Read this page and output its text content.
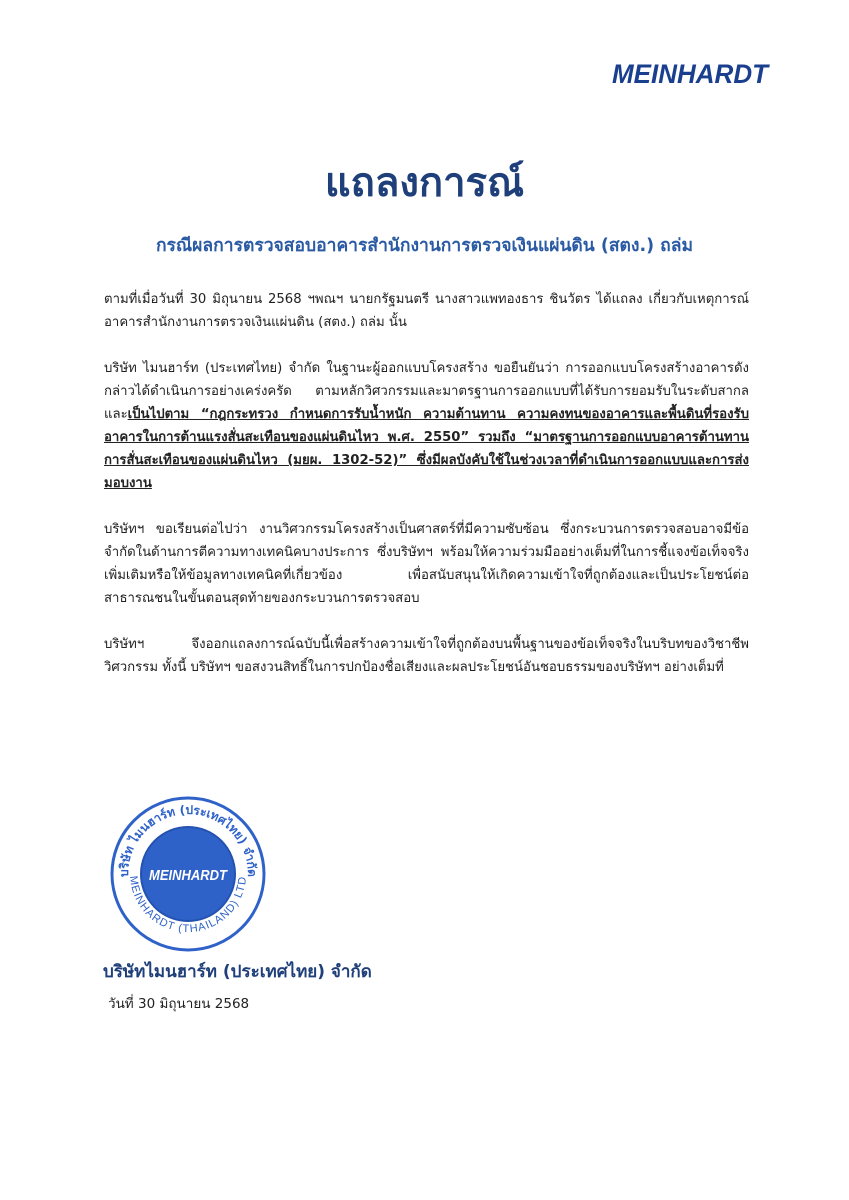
MEINHARDT
แถลงการณ์
กรณีผลการตรวจสอบอาคารสำนักงานการตรวจเงินแผ่นดิน (สตง.) ถล่ม

ตามที่เมื่อวันที่ 30 มิถุนายน 2568 ฯพณฯ นายกรัฐมนตรี นางสาวแพทองธาร ชินวัตร ได้แถลง เกี่ยวกับเหตุการณ์อาคารสำนักงานการตรวจเงินแผ่นดิน (สตง.) ถล่ม นั้น

บริษัท ไมนฮาร์ท (ประเทศไทย) จำกัด ในฐานะผู้ออกแบบโครงสร้าง ขอยืนยันว่า การออกแบบโครงสร้างอาคารดังกล่าวได้ดำเนินการอย่างเคร่งครัด ตามหลักวิศวกรรมและมาตรฐานการออกแบบที่ได้รับการยอมรับในระดับสากล และเป็นไปตาม “กฎกระทรวง กำหนดการรับน้ำหนัก ความต้านทาน ความคงทนของอาคารและพื้นดินที่รองรับอาคารในการต้านแรงสั่นสะเทือนของแผ่นดินไหว พ.ศ. 2550” รวมถึง “มาตรฐานการออกแบบอาคารต้านทานการสั่นสะเทือนของแผ่นดินไหว (มยผ. 1302-52)” ซึ่งมีผลบังคับใช้ในช่วงเวลาที่ดำเนินการออกแบบและการส่งมอบงาน

บริษัทฯ ขอเรียนต่อไปว่า งานวิศวกรรมโครงสร้างเป็นศาสตร์ที่มีความซับซ้อน ซึ่งกระบวนการตรวจสอบอาจมีข้อจำกัดในด้านการตีความทางเทคนิคบางประการ ซึ่งบริษัทฯ พร้อมให้ความร่วมมืออย่างเต็มที่ในการชี้แจงข้อเท็จจริงเพิ่มเติมหรือให้ข้อมูลทางเทคนิคที่เกี่ยวข้อง เพื่อสนับสนุนให้เกิดความเข้าใจที่ถูกต้องและเป็นประโยชน์ต่อสาธารณชนในขั้นตอนสุดท้ายของกระบวนการตรวจสอบ

บริษัทฯ จึงออกแถลงการณ์ฉบับนี้เพื่อสร้างความเข้าใจที่ถูกต้องบนพื้นฐานของข้อเท็จจริงในบริบทของวิชาชีพวิศวกรรม ทั้งนี้ บริษัทฯ ขอสงวนสิทธิ์ในการปกป้องชื่อเสียงและผลประโยชน์อันชอบธรรมของบริษัทฯ อย่างเต็มที่

บริษัท ไมนฮาร์ท (ประเทศไทย) จำกัด
MEINHARDT (THAILAND) LTD
MEINHARDT

บริษัทไมนฮาร์ท (ประเทศไทย) จำกัด

วันที่ 30 มิถุนายน 2568
